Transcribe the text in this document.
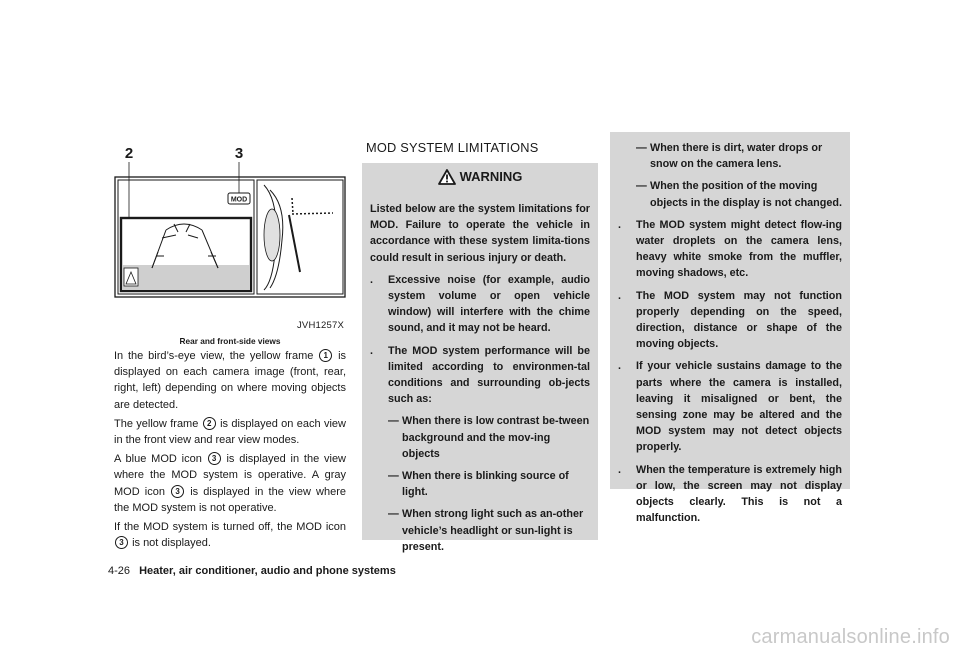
MOD
2	3
JVH1257X
Rear and front-side views

In the bird’s-eye view, the yellow frame 1 is displayed on each camera image (front, rear, right, left) depending on where moving objects are detected.

The yellow frame 2 is displayed on each view in the front view and rear view modes.

A blue MOD icon 3 is displayed in the view where the MOD system is operative. A gray MOD icon 3 is displayed in the view where the MOD system is not operative.

If the MOD system is turned off, the MOD icon 3 is not displayed.

MOD SYSTEM LIMITATIONS
WARNING

Listed below are the system limitations for MOD. Failure to operate the vehicle in accordance with these system limita-tions could result in serious injury or death.

.	Excessive noise (for example, audio system volume or open vehicle window) will interfere with the chime sound, and it may not be heard.
.	The MOD system performance will be limited according to environmen-tal conditions and surrounding ob-jects such as:
— When there is low contrast be-tween background and the mov-ing objects
— When there is blinking source of light.
— When strong light such as an-other vehicle’s headlight or sun-light is present.
— When there is dirt, water drops or snow on the camera lens.
— When the position of the moving objects in the display is not changed.
.	The MOD system might detect flow-ing water droplets on the camera lens, heavy white smoke from the muffler, moving shadows, etc.
.	The MOD system may not function properly depending on the speed, direction, distance or shape of the moving objects.
.	If your vehicle sustains damage to the parts where the camera is installed, leaving it misaligned or bent, the sensing zone may be altered and the MOD system may not detect objects properly.
.	When the temperature is extremely high or low, the screen may not display objects clearly. This is not a malfunction.
4-26 Heater, air conditioner, audio and phone systems
carmanualsonline.info
